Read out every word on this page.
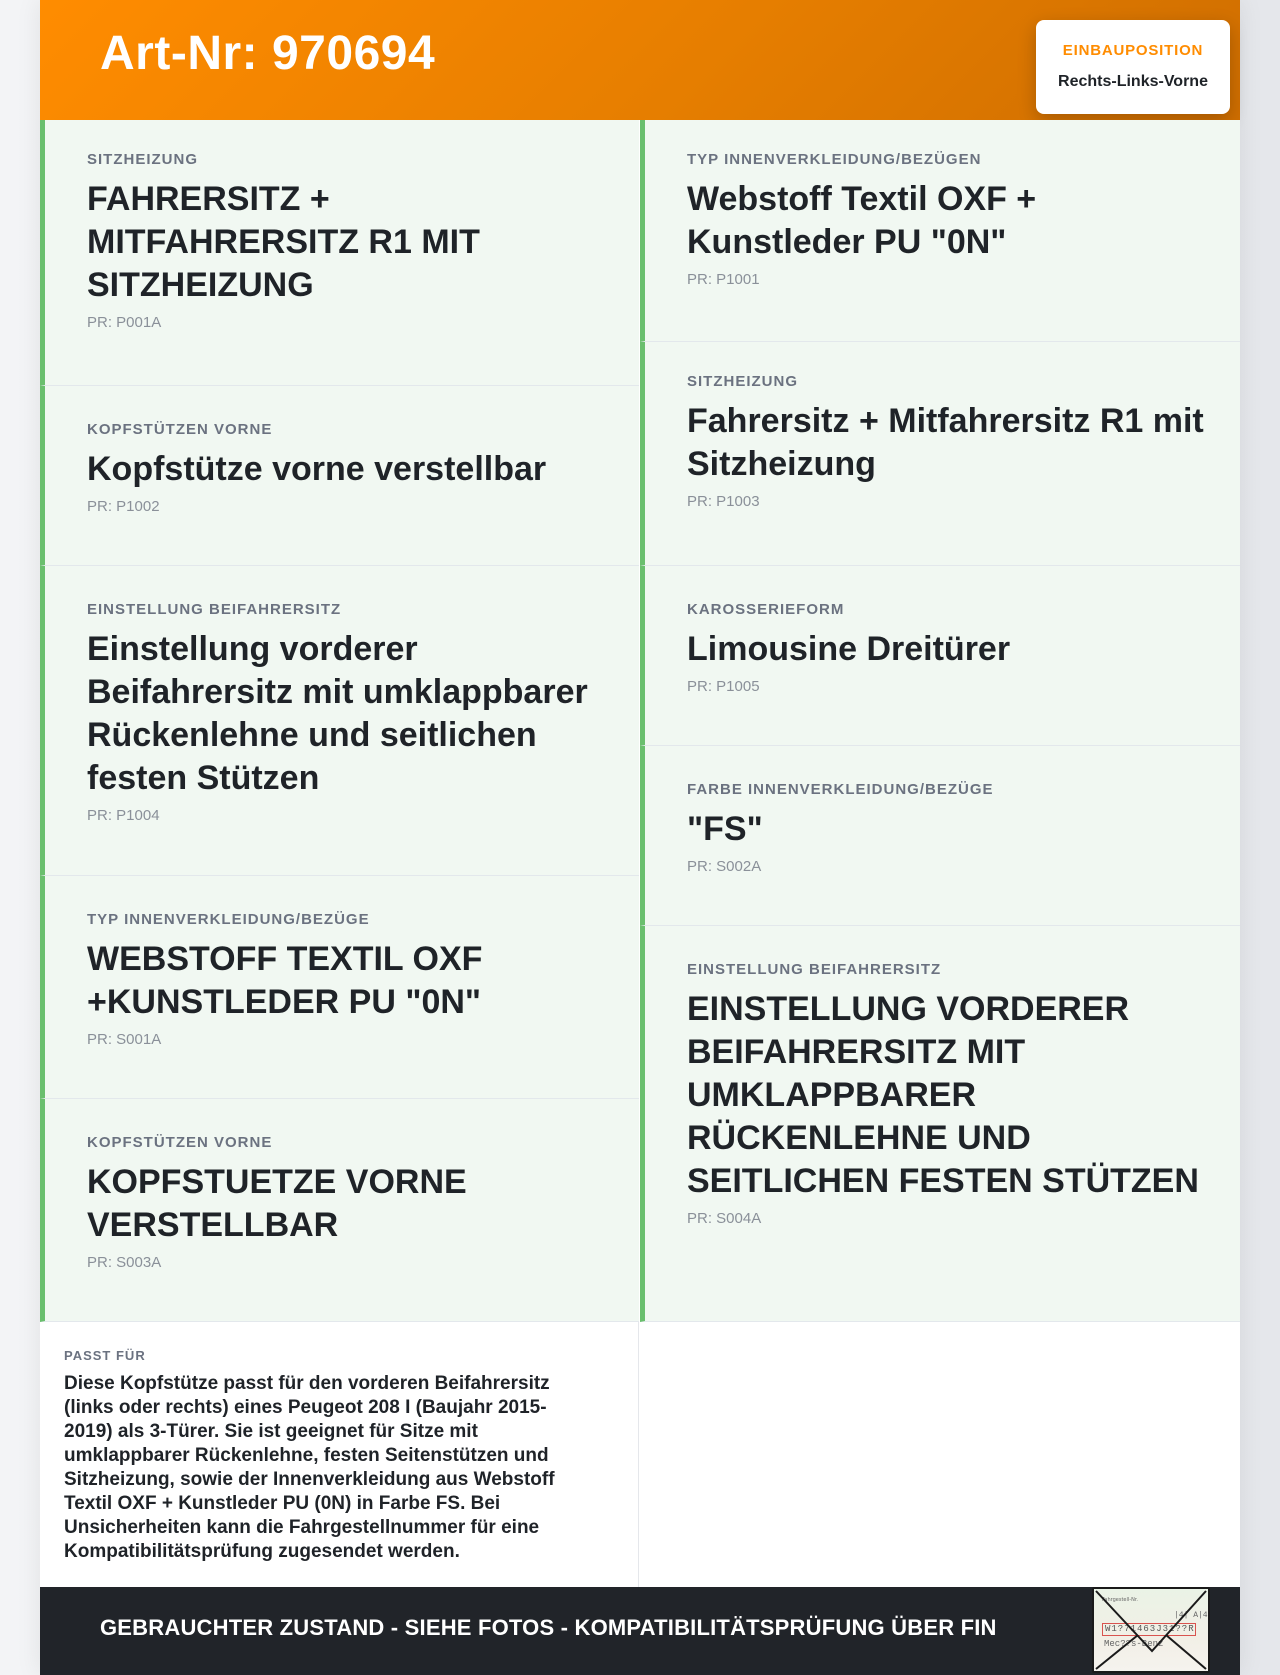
Art-Nr: 970694	EINBAUPOSITION
Rechts-Links-Vorne
SITZHEIZUNG
FAHRERSITZ + MITFAHRERSITZ R1 MIT SITZHEIZUNG
PR: P001A
KOPFSTÜTZEN VORNE
Kopfstütze vorne verstellbar
PR: P1002
EINSTELLUNG BEIFAHRERSITZ
Einstellung vorderer Beifahrersitz mit umklappbarer Rückenlehne und seitlichen festen Stützen
PR: P1004
TYP INNENVERKLEIDUNG/BEZÜGE
WEBSTOFF TEXTIL OXF +KUNSTLEDER PU "0N"
PR: S001A
KOPFSTÜTZEN VORNE
KOPFSTUETZE VORNE VERSTELLBAR
PR: S003A
TYP INNENVERKLEIDUNG/BEZÜGEN
Webstoff Textil OXF + Kunstleder PU "0N"
PR: P1001
SITZHEIZUNG
Fahrersitz + Mitfahrersitz R1 mit Sitzheizung
PR: P1003
KAROSSERIEFORM
Limousine Dreitürer
PR: P1005
FARBE INNENVERKLEIDUNG/BEZÜGE
"FS"
PR: S002A
EINSTELLUNG BEIFAHRERSITZ
EINSTELLUNG VORDERER BEIFAHRERSITZ MIT UMKLAPPBARER RÜCKENLEHNE UND SEITLICHEN FESTEN STÜTZEN
PR: S004A
PASST FÜR
Diese Kopfstütze passt für den vorderen Beifahrersitz (links oder rechts) eines Peugeot 208 I (Baujahr 2015-2019) als 3-Türer. Sie ist geeignet für Sitze mit umklappbarer Rückenlehne, festen Seitenstützen und Sitzheizung, sowie der Innenverkleidung aus Webstoff Textil OXF + Kunstleder PU (0N) in Farbe FS. Bei Unsicherheiten kann die Fahrgestellnummer für eine Kompatibilitätsprüfung zugesendet werden.
GEBRAUCHTER ZUSTAND - SIEHE FOTOS - KOMPATIBILITÄTSPRÜFUNG ÜBER FIN
Fahrgestell-Nr.
|4| A|4
W1?71463J31??R
Mec??s-Benz
